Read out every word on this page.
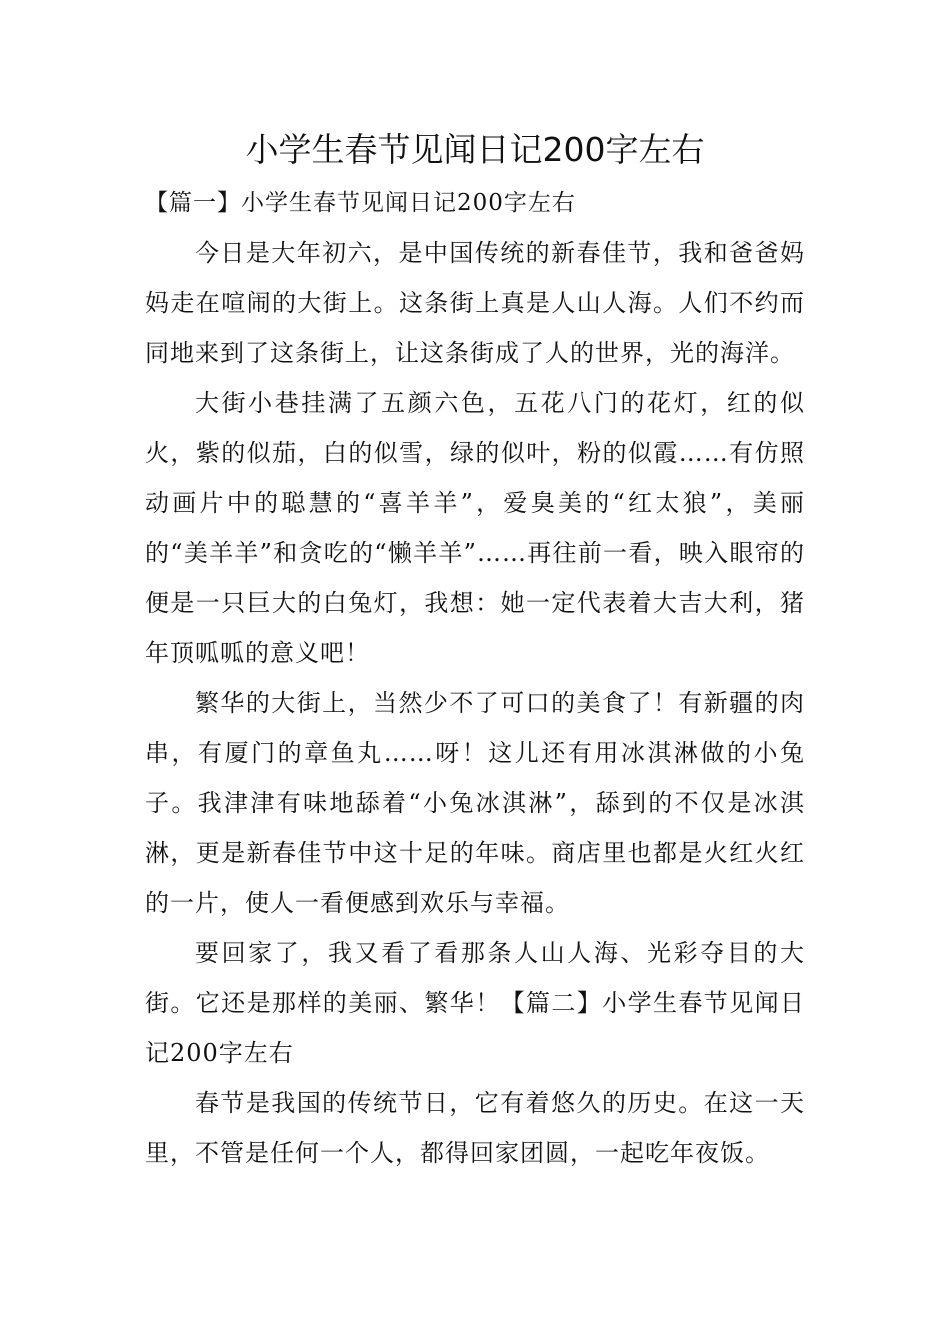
小学生春节见闻日记200字左右

【篇一】小学生春节见闻日记200字左右

今日是大年初六，是中国传统的新春佳节，我和爸爸妈妈走在喧闹的大街上。这条街上真是人山人海。人们不约而同地来到了这条街上，让这条街成了人的世界，光的海洋。

大街小巷挂满了五颜六色，五花八门的花灯，红的似火，紫的似茄，白的似雪，绿的似叶，粉的似霞……有仿照动画片中的聪慧的“喜羊羊”，爱臭美的“红太狼”，美丽的“美羊羊”和贪吃的“懒羊羊”……再往前一看，映入眼帘的便是一只巨大的白兔灯，我想：她一定代表着大吉大利，猪年顶呱呱的意义吧！

繁华的大街上，当然少不了可口的美食了！有新疆的肉串，有厦门的章鱼丸……呀！这儿还有用冰淇淋做的小兔子。我津津有味地舔着“小兔冰淇淋”，舔到的不仅是冰淇淋，更是新春佳节中这十足的年味。商店里也都是火红火红的一片，使人一看便感到欢乐与幸福。

要回家了，我又看了看那条人山人海、光彩夺目的大街。它还是那样的美丽、繁华！【篇二】小学生春节见闻日记200字左右

春节是我国的传统节日，它有着悠久的历史。在这一天里，不管是任何一个人，都得回家团圆，一起吃年夜饭。
